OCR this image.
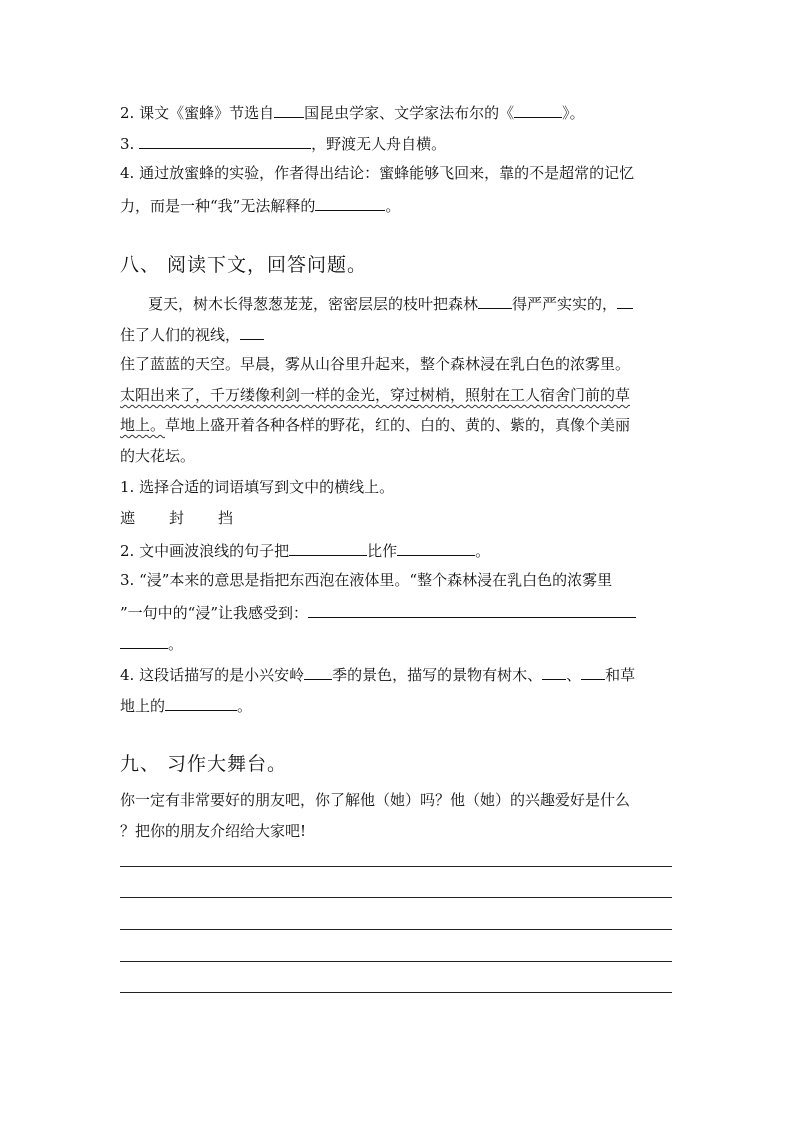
2. 课文《蜜蜂》节选自 国昆虫学家、文学家法布尔的《	》。
3.	，野渡无人舟自横。
4. 通过放蜜蜂的实验，作者得出结论：蜜蜂能够飞回来，靠的不是超常的记忆
力，而是一种“我”无法解释的	。
八、 阅读下文，回答问题。
夏天，树木长得葱葱茏茏，密密层层的枝叶把森林 得严严实实的，
住了人们的视线，
住了蓝蓝的天空。早晨，雾从山谷里升起来，整个森林浸在乳白色的浓雾里。
太阳出来了，千万缕像利剑一样的金光，穿过树梢，照射在工人宿舍门前的草
地上。草地上盛开着各种各样的野花，红的、白的、黄的、紫的，真像个美丽
的大花坛。
1. 选择合适的词语填写到文中的横线上。
遮 封 挡
2. 文中画波浪线的句子把	比作	。
3. “浸”本来的意思是指把东西泡在液体里。“整个森林浸在乳白色的浓雾里
”一句中的“浸”让我感受到：
。
4. 这段话描写的是小兴安岭 季的景色，描写的景物有树木、 、 和草
地上的	。
九、 习作大舞台。
你一定有非常要好的朋友吧，你了解他（她）吗？他（她）的兴趣爱好是什么
？把你的朋友介绍给大家吧!
